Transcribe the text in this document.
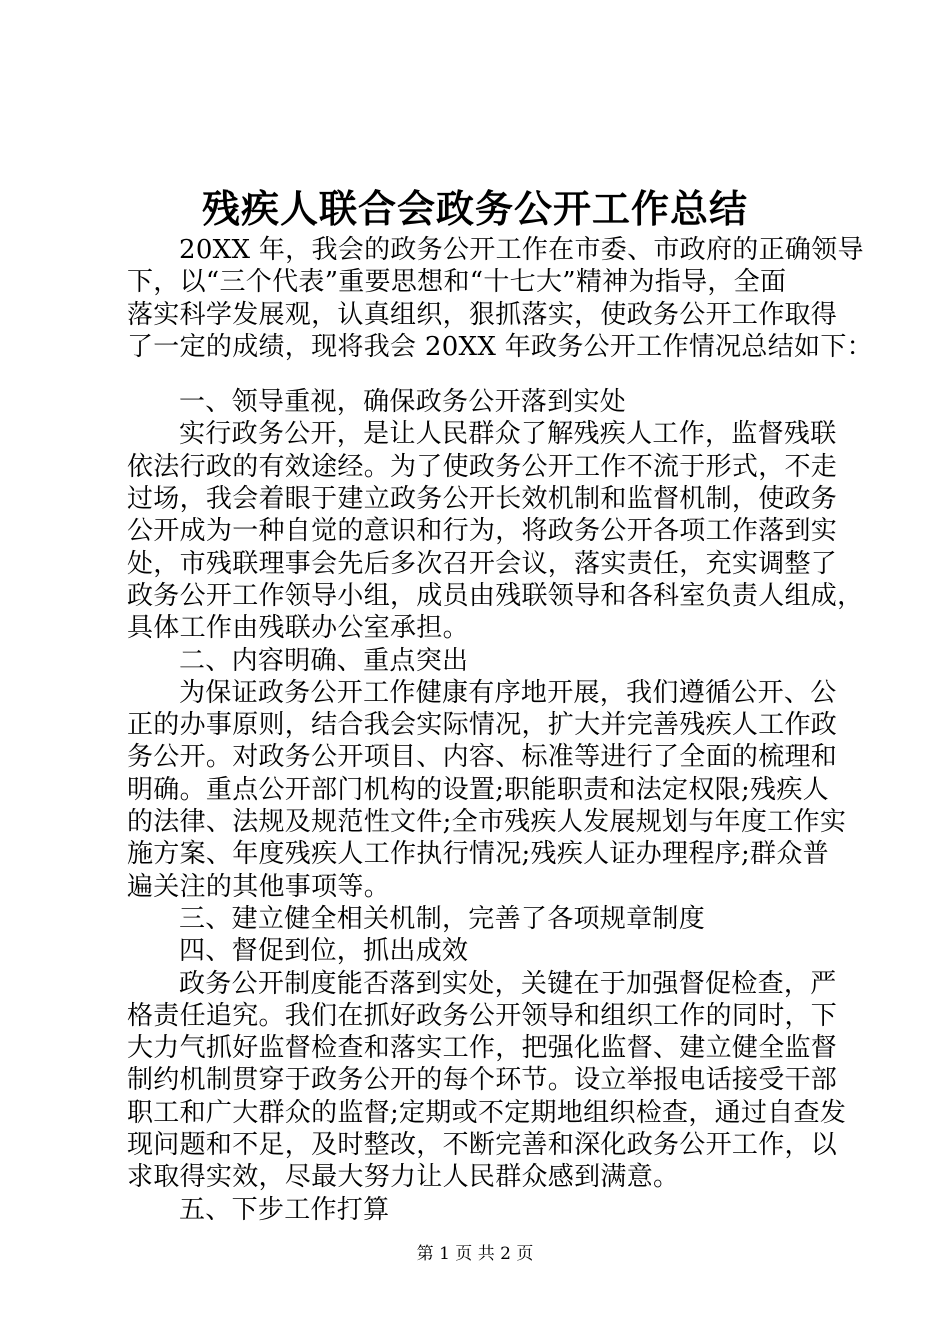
残疾人联合会政务公开工作总结
20XX 年，我会的政务公开工作在市委、市政府的正确领导
下，以“三个代表”重要思想和“十七大”精神为指导，全面
落实科学发展观，认真组织，狠抓落实，使政务公开工作取得
了一定的成绩，现将我会 20XX 年政务公开工作情况总结如下：
一、领导重视，确保政务公开落到实处
实行政务公开，是让人民群众了解残疾人工作，监督残联
依法行政的有效途经。为了使政务公开工作不流于形式，不走
过场，我会着眼于建立政务公开长效机制和监督机制，使政务
公开成为一种自觉的意识和行为，将政务公开各项工作落到实
处，市残联理事会先后多次召开会议，落实责任，充实调整了
政务公开工作领导小组，成员由残联领导和各科室负责人组成，
具体工作由残联办公室承担。
二、内容明确、重点突出
为保证政务公开工作健康有序地开展，我们遵循公开、公
正的办事原则，结合我会实际情况，扩大并完善残疾人工作政
务公开。对政务公开项目、内容、标准等进行了全面的梳理和
明确。重点公开部门机构的设置;职能职责和法定权限;残疾人
的法律、法规及规范性文件;全市残疾人发展规划与年度工作实
施方案、年度残疾人工作执行情况;残疾人证办理程序;群众普
遍关注的其他事项等。
三、建立健全相关机制，完善了各项规章制度
四、督促到位，抓出成效
政务公开制度能否落到实处，关键在于加强督促检查，严
格责任追究。我们在抓好政务公开领导和组织工作的同时，下
大力气抓好监督检查和落实工作，把强化监督、建立健全监督
制约机制贯穿于政务公开的每个环节。设立举报电话接受干部
职工和广大群众的监督;定期或不定期地组织检查，通过自查发
现问题和不足，及时整改，不断完善和深化政务公开工作，以
求取得实效，尽最大努力让人民群众感到满意。
五、下步工作打算
第 1 页 共 2 页
